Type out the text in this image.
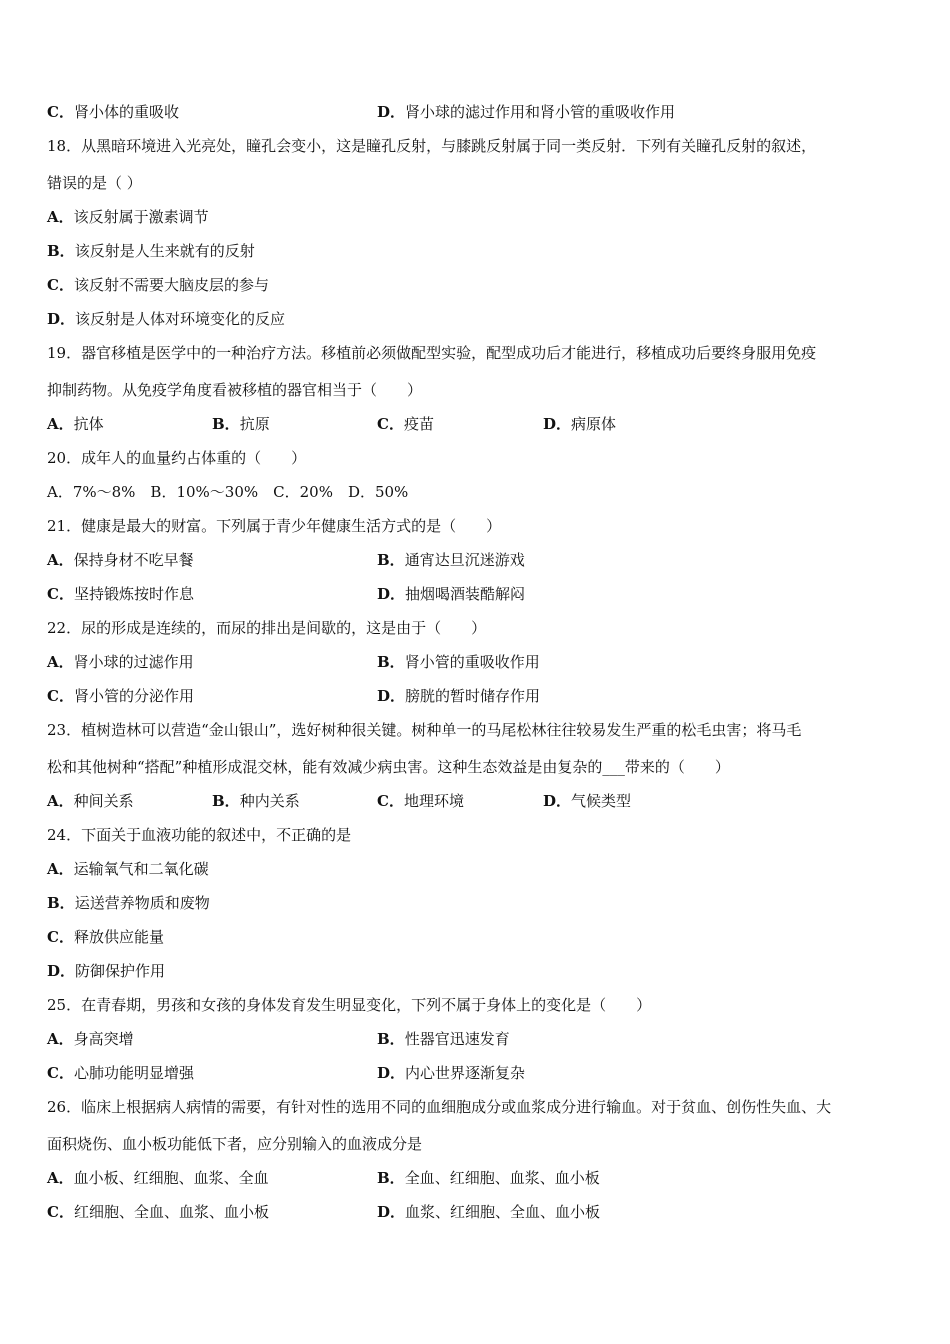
C．肾小体的重吸收	D．肾小球的滤过作用和肾小管的重吸收作用
18．从黑暗环境进入光亮处，瞳孔会变小，这是瞳孔反射，与膝跳反射属于同一类反射．下列有关瞳孔反射的叙述，
错误的是（ ）
A．该反射属于激素调节
B．该反射是人生来就有的反射
C．该反射不需要大脑皮层的参与
D．该反射是人体对环境变化的反应
19．器官移植是医学中的一种治疗方法。移植前必须做配型实验，配型成功后才能进行，移植成功后要终身服用免疫
抑制药物。从免疫学角度看被移植的器官相当于（　　）
A．抗体	B．抗原	C．疫苗	D．病原体
20．成年人的血量约占体重的（　　）
A．7%～8%　B．10%～30%　C．20%　D．50%
21．健康是最大的财富。下列属于青少年健康生活方式的是（　　）
A．保持身材不吃早餐	B．通宵达旦沉迷游戏
C．坚持锻炼按时作息	D．抽烟喝酒装酷解闷
22．尿的形成是连续的，而尿的排出是间歇的，这是由于（　　）
A．肾小球的过滤作用	B．肾小管的重吸收作用
C．肾小管的分泌作用	D．膀胱的暂时储存作用
23．植树造林可以营造“金山银山”，选好树种很关键。树种单一的马尾松林往往较易发生严重的松毛虫害；将马毛
松和其他树种“搭配”种植形成混交林，能有效减少病虫害。这种生态效益是由复杂的___带来的（　　）
A．种间关系	B．种内关系	C．地理环境	D．气候类型
24．下面关于血液功能的叙述中，不正确的是
A．运输氧气和二氧化碳
B．运送营养物质和废物
C．释放供应能量
D．防御保护作用
25．在青春期，男孩和女孩的身体发育发生明显变化，下列不属于身体上的变化是（　　）
A．身高突增	B．性器官迅速发育
C．心肺功能明显增强	D．内心世界逐渐复杂
26．临床上根据病人病情的需要，有针对性的选用不同的血细胞成分或血浆成分进行输血。对于贫血、创伤性失血、大
面积烧伤、血小板功能低下者，应分别输入的血液成分是
A．血小板、红细胞、血浆、全血	B．全血、红细胞、血浆、血小板
C．红细胞、全血、血浆、血小板	D．血浆、红细胞、全血、血小板
